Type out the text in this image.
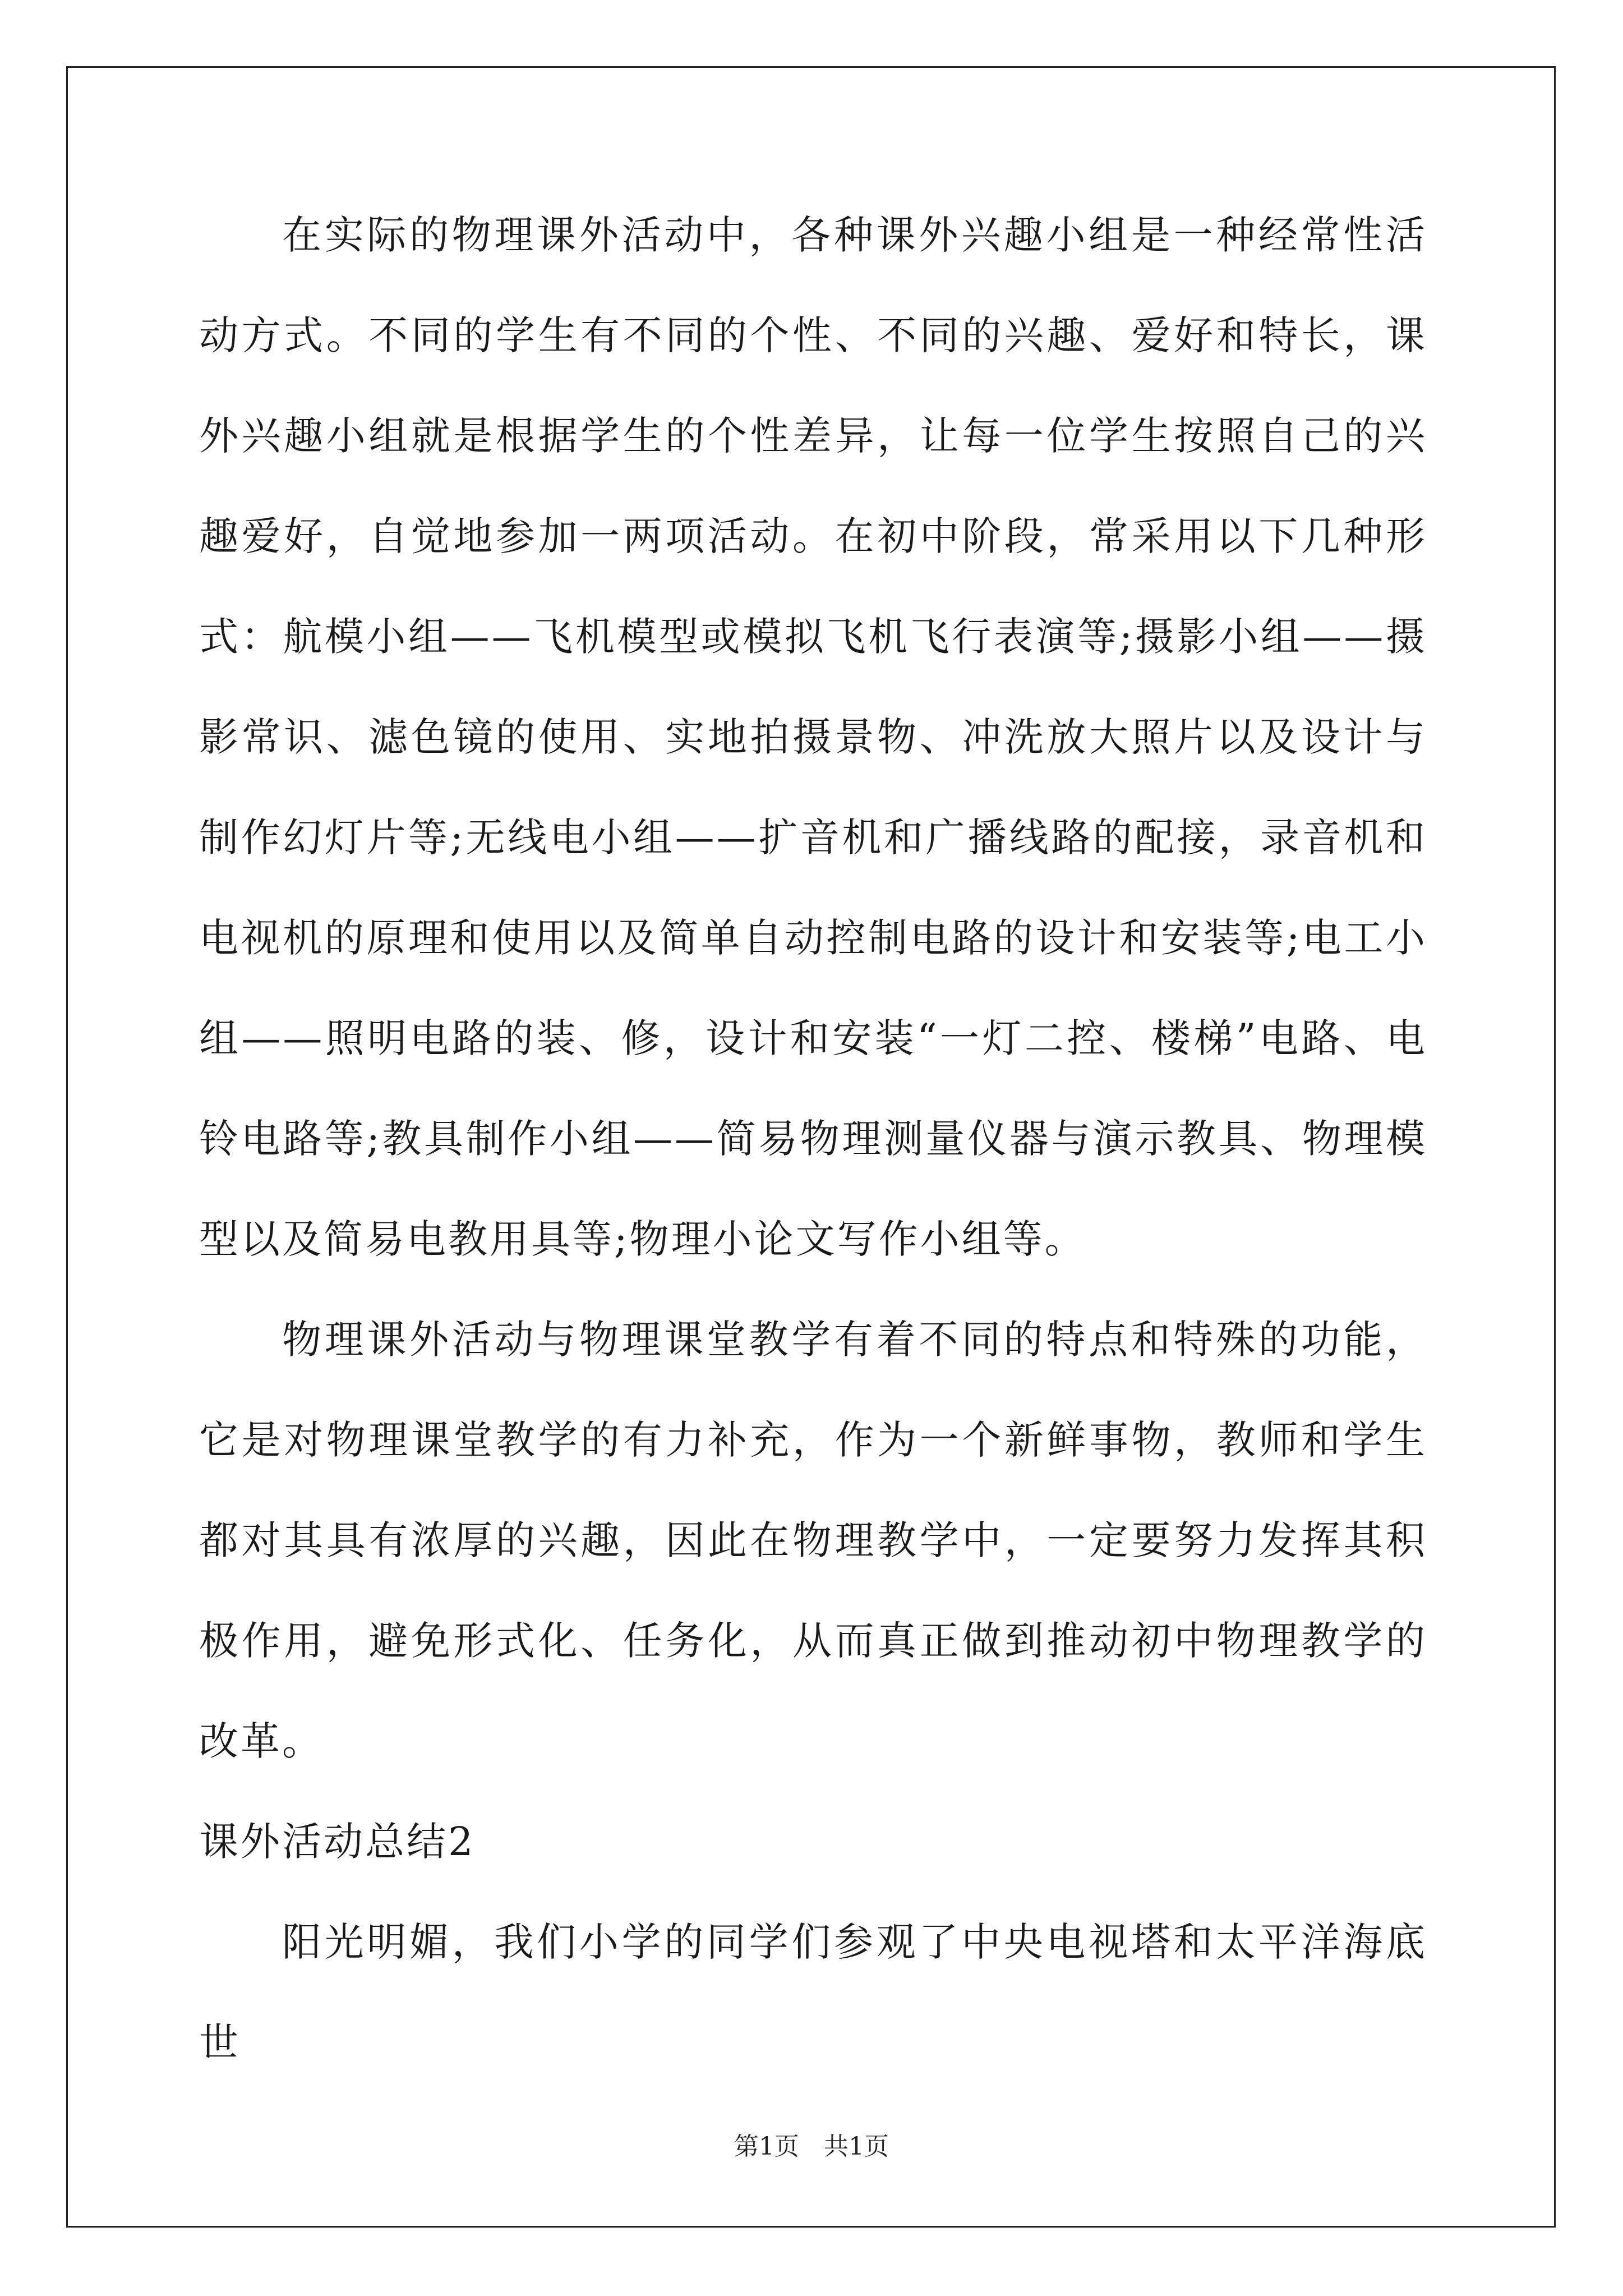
在实际的物理课外活动中，各种课外兴趣小组是一种经常性活动方式。不同的学生有不同的个性、不同的兴趣、爱好和特长，课外兴趣小组就是根据学生的个性差异，让每一位学生按照自己的兴趣爱好，自觉地参加一两项活动。在初中阶段，常采用以下几种形式：航模小组——飞机模型或模拟飞机飞行表演等;摄影小组——摄影常识、滤色镜的使用、实地拍摄景物、冲洗放大照片以及设计与制作幻灯片等;无线电小组——扩音机和广播线路的配接，录音机和电视机的原理和使用以及简单自动控制电路的设计和安装等;电工小组——照明电路的装、修，设计和安装“一灯二控、楼梯”电路、电铃电路等;教具制作小组——简易物理测量仪器与演示教具、物理模型以及简易电教用具等;物理小论文写作小组等。

物理课外活动与物理课堂教学有着不同的特点和特殊的功能，它是对物理课堂教学的有力补充，作为一个新鲜事物，教师和学生都对其具有浓厚的兴趣，因此在物理教学中，一定要努力发挥其积极作用，避免形式化、任务化，从而真正做到推动初中物理教学的改革。

课外活动总结2

阳光明媚，我们小学的同学们参观了中央电视塔和太平洋海底世

第1页　共1页
